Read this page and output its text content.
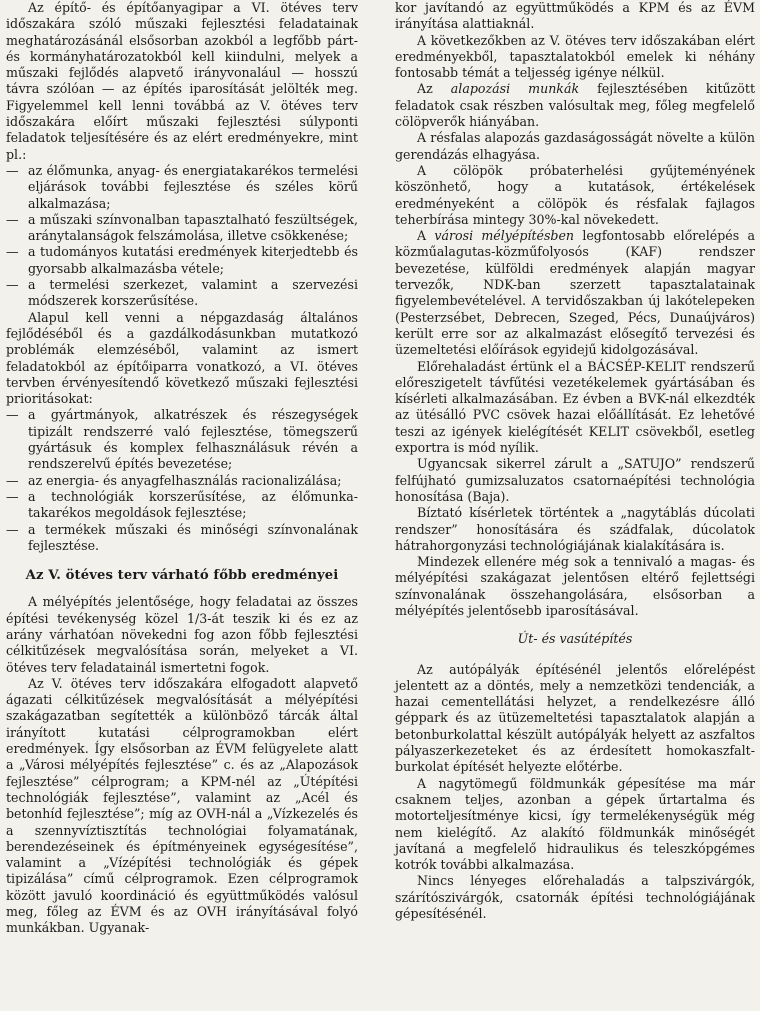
Az építő- és építőanyagipar a VI. ötéves terv időszakára szóló műszaki fejlesztési feladatainak meghatározásánál elsősorban azokból a legfőbb párt- és kormányhatározatokból kell kiindulni, melyek a műszaki fejlődés alapvető irányvonalául — hosszú távra szólóan — az építés iparosítását jelölték meg. Figyelemmel kell lenni továbbá az V. ötéves terv időszakára előírt műszaki fejlesztési súlyponti feladatok teljesítésére és az elért eredményekre, mint pl.:

— az élőmunka, anyag- és energiatakarékos termelési eljárások további fejlesztése és széles körű alkalmazása;
— a műszaki színvonalban tapasztalható feszültségek, aránytalanságok felszámolása, illetve csökkenése;
— a tudományos kutatási eredmények kiterjedtebb és gyorsabb alkalmazásba vétele;
— a termelési szerkezet, valamint a szervezési módszerek korszerűsítése.

Alapul kell venni a népgazdaság általános fejlődéséből és a gazdálkodásunkban mutatkozó problémák elemzéséből, valamint az ismert feladatokból az építőiparra vonatkozó, a VI. ötéves tervben érvényesítendő következő műszaki fejlesztési prioritásokat:

— a gyártmányok, alkatrészek és részegységek tipizált rendszerré való fejlesztése, tömegszerű gyártásuk és komplex felhasználásuk révén a rendszerelvű építés bevezetése;
— az energia- és anyagfelhasználás racionalizálása;
— a technológiák korszerűsítése, az élőmunka-takarékos megoldások fejlesztése;
— a termékek műszaki és minőségi színvonalának fejlesztése.
Az V. ötéves terv várható főbb eredményei

A mélyépítés jelentősége, hogy feladatai az összes építési tevékenység közel 1/3-át teszik ki és ez az arány várhatóan növekedni fog azon főbb fejlesztési célkitűzések megvalósítása során, melyeket a VI. ötéves terv feladatainál ismertetni fogok.

Az V. ötéves terv időszakára elfogadott alapvető ágazati célkitűzések megvalósítását a mélyépítési szakágazatban segítették a különböző tárcák által irányított kutatási célprogramokban elért eredmények. Így elsősorban az ÉVM felügyelete alatt a „Városi mélyépítés fejlesztése” c. és az „Alapozások fejlesztése” célprogram; a KPM-nél az „Útépítési technológiák fejlesztése”, valamint az „Acél és betonhíd fejlesztése”; míg az OVH-nál a „Vízkezelés és a szennyvíztisztítás technológiai folyamatának, berendezéseinek és építményeinek egységesítése”, valamint a „Vízépítési technológiák és gépek tipizálása” című célprogramok. Ezen célprogramok között javuló koordináció és együttműködés valósul meg, főleg az ÉVM és az OVH irányításával folyó munkákban. Ugyanak-

kor javítandó az együttműködés a KPM és az ÉVM irányítása alattiaknál.

A következőkben az V. ötéves terv időszakában elért eredményekből, tapasztalatokból emelek ki néhány fontosabb témát a teljesség igénye nélkül.

Az alapozási munkák fejlesztésében kitűzött feladatok csak részben valósultak meg, főleg megfelelő cölöpverők hiányában.

A résfalas alapozás gazdaságosságát növelte a külön gerendázás elhagyása.

A cölöpök próbaterhelési gyűjteményének köszönhető, hogy a kutatások, értékelések eredményeként a cölöpök és résfalak fajlagos teherbírása mintegy 30%-kal növekedett.

A városi mélyépítésben legfontosabb előrelépés a közműalagutas-közműfolyosós (KAF) rendszer bevezetése, külföldi eredmények alapján magyar tervezők, NDK-ban szerzett tapasztalatainak figyelembevételével. A tervidőszakban új lakótelepeken (Pesterzsébet, Debrecen, Szeged, Pécs, Dunaújváros) került erre sor az alkalmazást elősegítő tervezési és üzemeltetési előírások egyidejű kidolgozásával.

Előrehaladást értünk el a BÁCSÉP-KELIT rendszerű előreszigetelt távfűtési vezetékelemek gyártásában és kísérleti alkalmazásában. Ez évben a BVK-nál elkezdték az ütésálló PVC csövek hazai előállítását. Ez lehetővé teszi az igények kielégítését KELIT csövekből, esetleg exportra is mód nyílik.

Ugyancsak sikerrel zárult a „SATUJO” rendszerű felfújható gumizsaluzatos csatornaépítési technológia honosítása (Baja).

Bíztató kísérletek történtek a „nagytáblás dúcolati rendszer” honosítására és szádfalak, dúcolatok hátrahorgonyzási technológiájának kialakítására is.

Mindezek ellenére még sok a tennivaló a magas- és mélyépítési szakágazat jelentősen eltérő fejlettségi színvonalának összehangolására, elsősorban a mélyépítés jelentősebb iparosításával.

Út- és vasútépítés

Az autópályák építésénél jelentős előrelépést jelentett az a döntés, mely a nemzetközi tendenciák, a hazai cementellátási helyzet, a rendelkezésre álló géppark és az ütüzemeltetési tapasztalatok alapján a betonburkolattal készült autópályák helyett az aszfaltos pályaszerkezeteket és az érdesített homokaszfalt-burkolat építését helyezte előtérbe.

A nagytömegű földmunkák gépesítése ma már csaknem teljes, azonban a gépek űrtartalma és motorteljesítménye kicsi, így termelékenységük még nem kielégítő. Az alakító földmunkák minőségét javítaná a megfelelő hidraulikus és teleszkópgémes kotrók további alkalmazása.

Nincs lényeges előrehaladás a talpszivárgók, szárítószivárgók, csatornák építési technológiájának gépesítésénél.
